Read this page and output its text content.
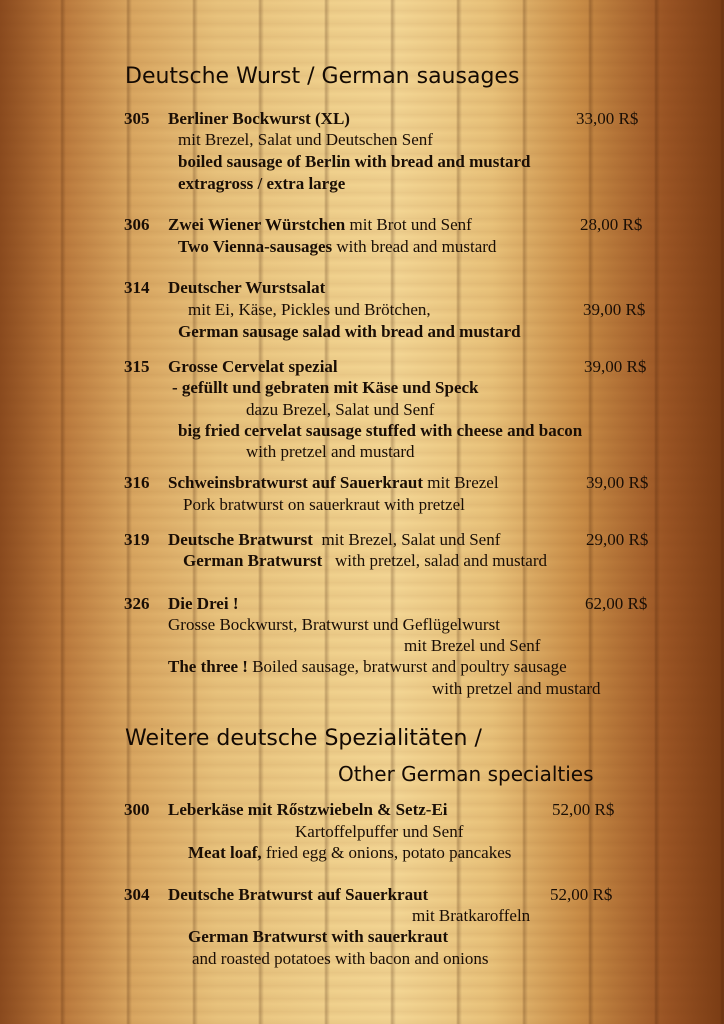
Deutsche Wurst / German sausages
305 Berliner Bockwurst (XL)	33,00 R$
mit Brezel, Salat und Deutschen Senf
boiled sausage of Berlin with bread and mustard
extragross / extra large
306 Zwei Wiener Würstchen mit Brot und Senf	28,00 R$
Two Vienna-sausages with bread and mustard
314 Deutscher Wurstsalat
mit Ei, Käse, Pickles und Brötchen,	39,00 R$
German sausage salad with bread and mustard
315 Grosse Cervelat spezial	39,00 R$
- gefüllt und gebraten mit Käse und Speck
dazu Brezel, Salat und Senf
big fried cervelat sausage stuffed with cheese and bacon
with pretzel and mustard
316 Schweinsbratwurst auf Sauerkraut mit Brezel	39,00 R$
Pork bratwurst on sauerkraut with pretzel
319 Deutsche Bratwurst  mit Brezel, Salat und Senf	29,00 R$
German Bratwurst   with pretzel, salad and mustard
326 Die Drei !	62,00 R$
Grosse Bockwurst, Bratwurst und Geflügelwurst
mit Brezel und Senf
The three ! Boiled sausage, bratwurst and poultry sausage
with pretzel and mustard
Weitere deutsche Spezialitäten /
Other German specialties
300 Leberkäse mit Rőstzwiebeln & Setz-Ei	52,00 R$
Kartoffelpuffer und Senf
Meat loaf, fried egg & onions, potato pancakes
304 Deutsche Bratwurst auf Sauerkraut	52,00 R$
mit Bratkaroffeln
German Bratwurst with sauerkraut
and roasted potatoes with bacon and onions
